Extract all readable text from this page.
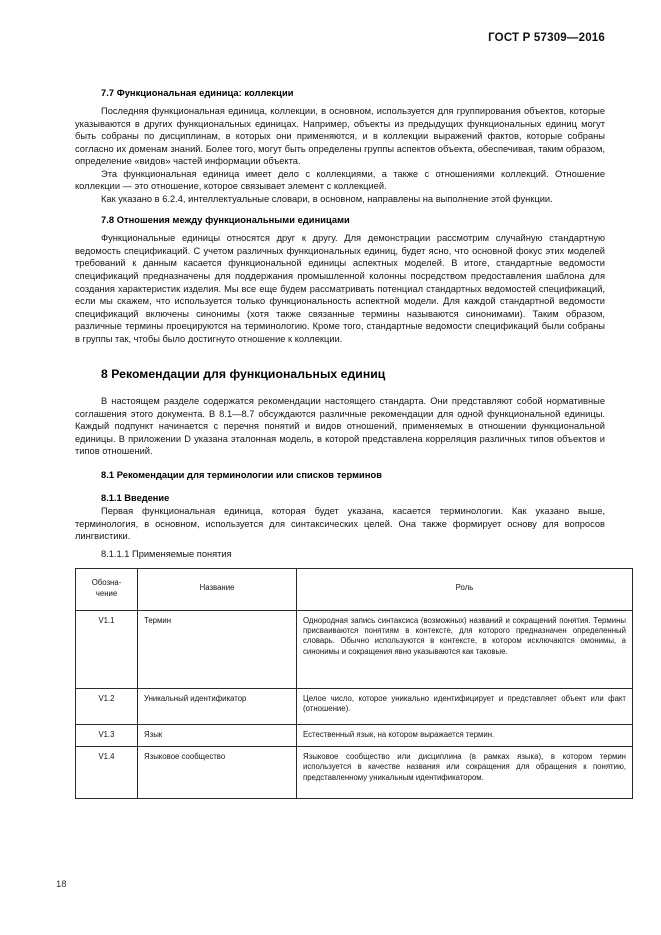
ГОСТ Р 57309—2016
7.7 Функциональная единица: коллекции

Последняя функциональная единица, коллекции, в основном, используется для группирования объектов, которые указываются в других функциональных единицах. Например, объекты из предыдущих функциональных единиц могут быть собраны по дисциплинам, в которых они применяются, и в коллекции выражений фактов, которые собраны согласно их доменам знаний. Более того, могут быть определены группы аспектов объекта, обеспечивая, таким образом, определение «видов» частей информации объекта.

Эта функциональная единица имеет дело с коллекциями, а также с отношениями коллекций. Отношение коллекции — это отношение, которое связывает элемент с коллекцией.

Как указано в 6.2.4, интеллектуальные словари, в основном, направлены на выполнение этой функции.

7.8 Отношения между функциональными единицами

Функциональные единицы относятся друг к другу. Для демонстрации рассмотрим случайную стандартную ведомость спецификаций. С учетом различных функциональных единиц, будет ясно, что основной фокус этих моделей требований к данным касается функциональной единицы аспектных моделей. В итоге, стандартные ведомости спецификаций предназначены для поддержания промышленной колонны посредством предоставления шаблона для создания характеристик изделия. Мы все еще будем рассматривать потенциал стандартных ведомостей спецификаций, если мы скажем, что используется только функциональность аспектной модели. Для каждой стандартной ведомости спецификаций включены синонимы (хотя также связанные термины называются синонимами). Таким образом, различные термины проецируются на терминологию. Кроме того, стандартные ведомости спецификаций были собраны в группы так, чтобы было достигнуто отношение к коллекции.

8 Рекомендации для функциональных единиц

В настоящем разделе содержатся рекомендации настоящего стандарта. Они представляют собой нормативные соглашения этого документа. В 8.1—8.7 обсуждаются различные рекомендации для одной функциональной единицы. Каждый подпункт начинается с перечня понятий и видов отношений, применяемых в отношении функциональной единицы. В приложении D указана эталонная модель, в которой представлена корреляция различных типов объектов и типов отношений.

8.1 Рекомендации для терминологии или списков терминов
8.1.1 Введение

Первая функциональная единица, которая будет указана, касается терминологии. Как указано выше, терминология, в основном, используется для синтаксических целей. Она также формирует основу для вопросов лингвистики.

8.1.1.1 Применяемые понятия

Обозна-
чение	Название	Роль
V1.1	Термин	Однородная запись синтаксиса (возможных) названий и сокращений понятия. Термины присваиваются понятиям в контексте, для которого предназначен определенный словарь. Обычно используются в контексте, в котором исключаются омонимы, а синонимы и сокращения явно указываются как таковые.
V1.2	Уникальный идентификатор	Целое число, которое уникально идентифицирует и представляет объект или факт (отношение).
V1.3	Язык	Естественный язык, на котором выражается термин.
V1.4	Языковое сообщество	Языковое сообщество или дисциплина (в рамках языка), в котором термин используется в качестве названия или сокращения для обращения к понятию, представленному уникальным идентификатором.
18
